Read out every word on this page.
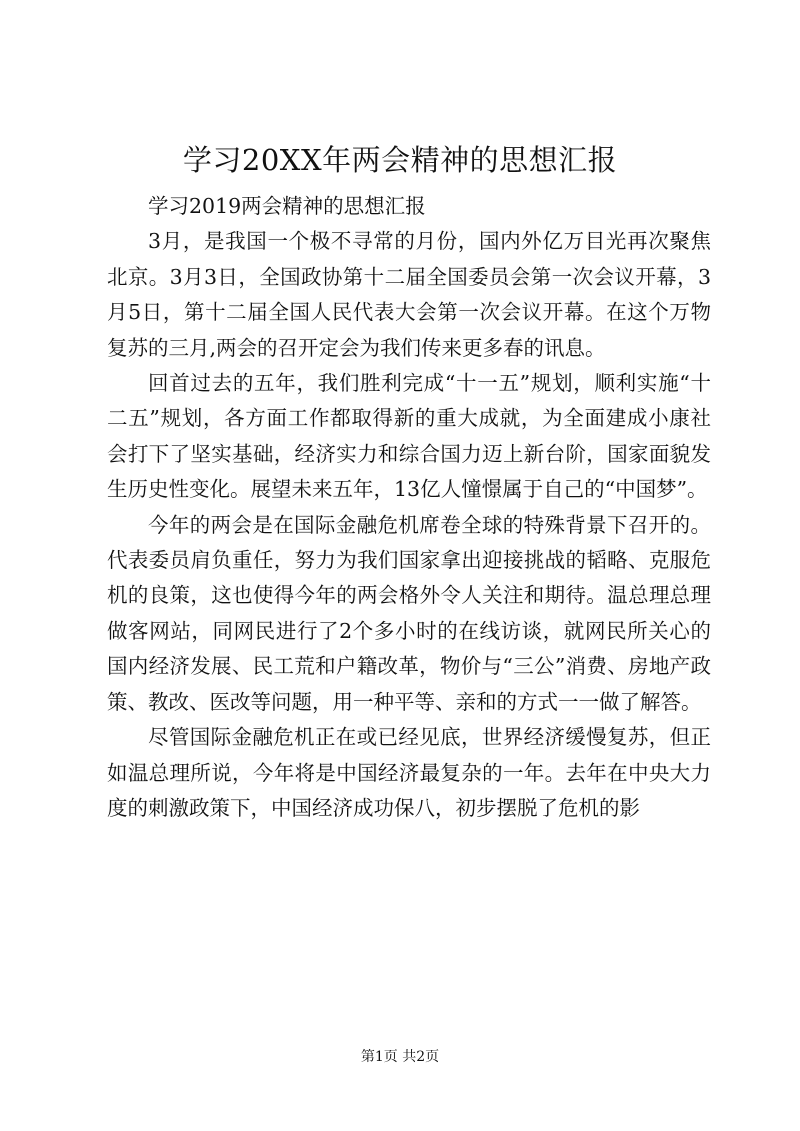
学习20XX年两会精神的思想汇报

学习2019两会精神的思想汇报

3月，是我国一个极不寻常的月份，国内外亿万目光再次聚焦北京。3月3日，全国政协第十二届全国委员会第一次会议开幕，3月5日，第十二届全国人民代表大会第一次会议开幕。在这个万物复苏的三月,两会的召开定会为我们传来更多春的讯息。

回首过去的五年，我们胜利完成“十一五”规划，顺利实施“十二五”规划，各方面工作都取得新的重大成就，为全面建成小康社会打下了坚实基础，经济实力和综合国力迈上新台阶，国家面貌发生历史性变化。展望未来五年，13亿人憧憬属于自己的“中国梦”。

今年的两会是在国际金融危机席卷全球的特殊背景下召开的。代表委员肩负重任，努力为我们国家拿出迎接挑战的韬略、克服危机的良策，这也使得今年的两会格外令人关注和期待。温总理总理做客网站，同网民进行了2个多小时的在线访谈，就网民所关心的国内经济发展、民工荒和户籍改革，物价与“三公”消费、房地产政策、教改、医改等问题，用一种平等、亲和的方式一一做了解答。

尽管国际金融危机正在或已经见底，世界经济缓慢复苏，但正如温总理所说，今年将是中国经济最复杂的一年。去年在中央大力度的刺激政策下，中国经济成功保八，初步摆脱了危机的影

第1页 共2页
